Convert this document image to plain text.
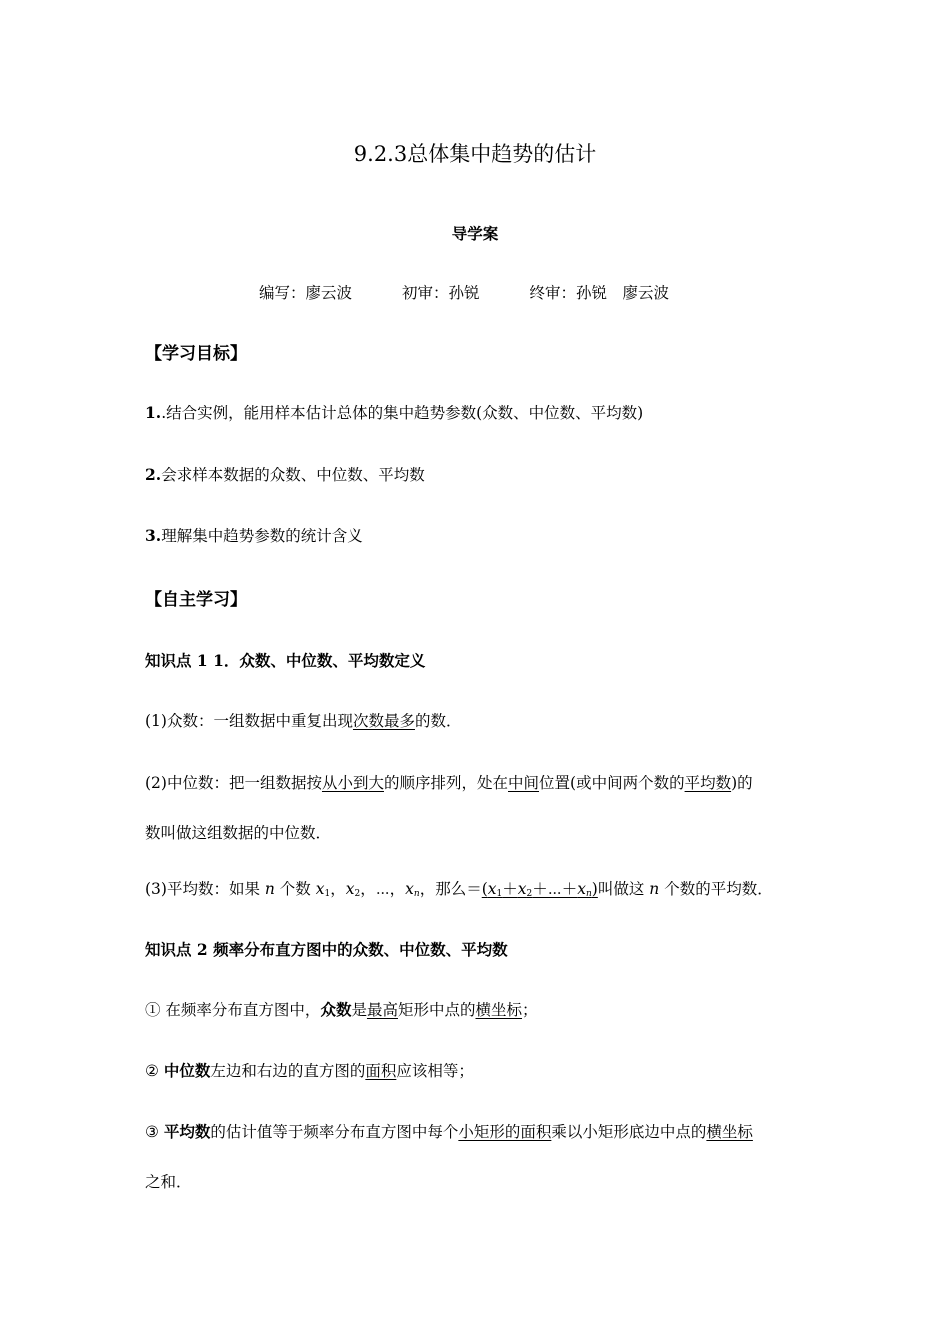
9.2.3总体集中趋势的估计
导学案
编写：廖云波	初审：孙锐	终审：孙锐　廖云波
【学习目标】
1..结合实例，能用样本估计总体的集中趋势参数(众数、中位数、平均数)
2.会求样本数据的众数、中位数、平均数
3.理解集中趋势参数的统计含义
【自主学习】
知识点 1 1．众数、中位数、平均数定义
(1)众数：一组数据中重复出现次数最多的数．
(2)中位数：把一组数据按从小到大的顺序排列，处在中间位置(或中间两个数的平均数)的
数叫做这组数据的中位数．
(3)平均数：如果 n 个数 $x_1$，$x_2$，⋯，$x_n$，那么$=(x_1+x_2+\cdots+x_n)$叫做这 n 个数的平均数．
知识点 2 频率分布直方图中的众数、中位数、平均数
① 在频率分布直方图中，众数是最高矩形中点的横坐标；
② 中位数左边和右边的直方图的面积应该相等；
③ 平均数的估计值等于频率分布直方图中每个小矩形的面积乘以小矩形底边中点的横坐标
之和．
